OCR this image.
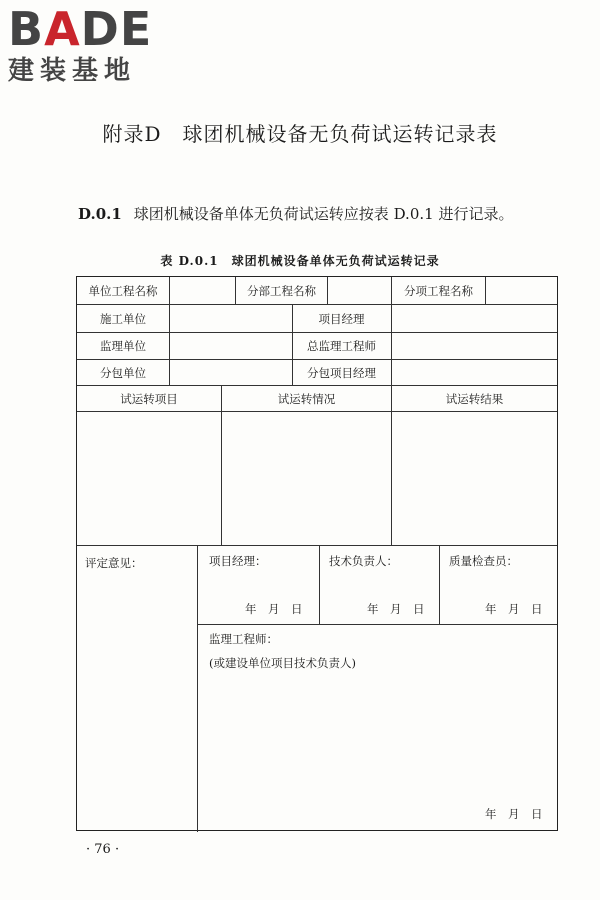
BADE
建装基地
附录D　球团机械设备无负荷试运转记录表
D.0.1 球团机械设备单体无负荷试运转应按表 D.0.1 进行记录。
表 D.0.1　球团机械设备单体无负荷试运转记录
单位工程名称	分部工程名称	分项工程名称
施工单位	项目经理
监理单位	总监理工程师
分包单位	分包项目经理
试运转项目	试运转情况	试运转结果
评定意见：	项目经理：
年　月　日
技术负责人：
年　月　日
质量检查员：
年　月　日
监理工程师：
(或建设单位项目技术负责人)
年　月　日
· 76 ·
